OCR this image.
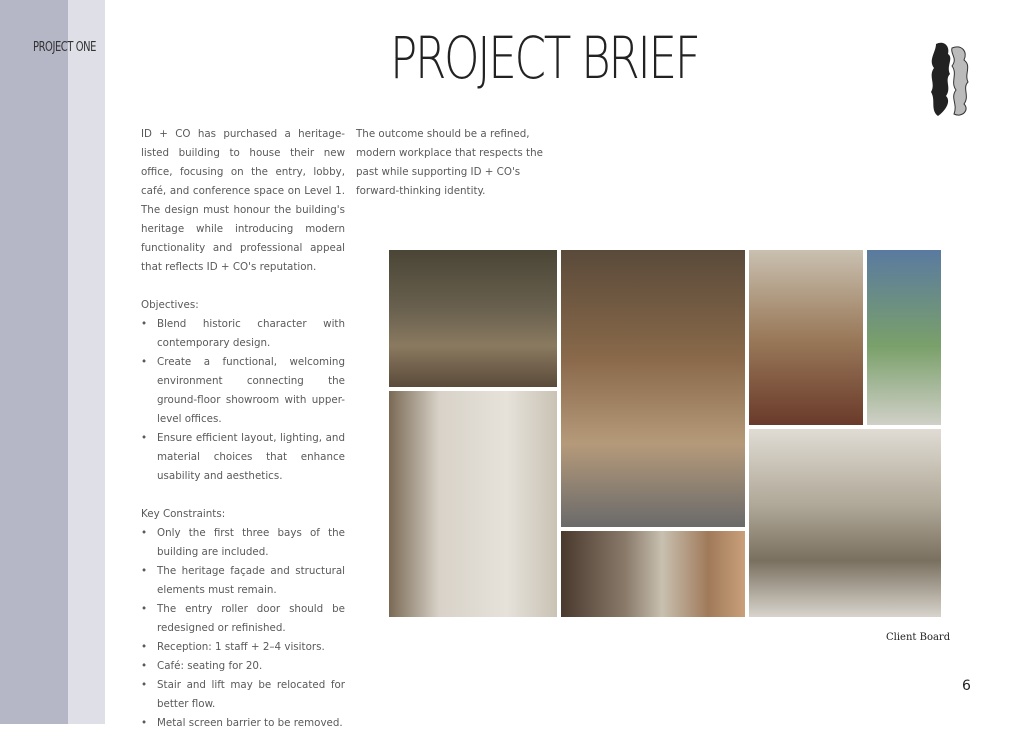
PROJECT ONE	PROJECT BRIEF

ID + CO has purchased a heritage-listed building to house their new office, focusing on the entry, lobby, café, and conference space on Level 1. The design must honour the building's heritage while introducing modern functionality and professional appeal that reflects ID + CO's reputation.

Objectives:
• Blend historic character with contemporary design.
• Create a functional, welcoming environment connecting the ground-floor showroom with upper-level offices.
• Ensure efficient layout, lighting, and material choices that enhance usability and aesthetics.
Key Constraints:
• Only the first three bays of the building are included.
• The heritage façade and structural elements must remain.
• The entry roller door should be redesigned or refinished.
• Reception: 1 staff + 2–4 visitors.
• Café: seating for 20.
• Stair and lift may be relocated for better flow.
• Metal screen barrier to be removed.
The outcome should be a refined, modern workplace that respects the past while supporting ID + CO's forward-thinking identity.
Client Board
6
